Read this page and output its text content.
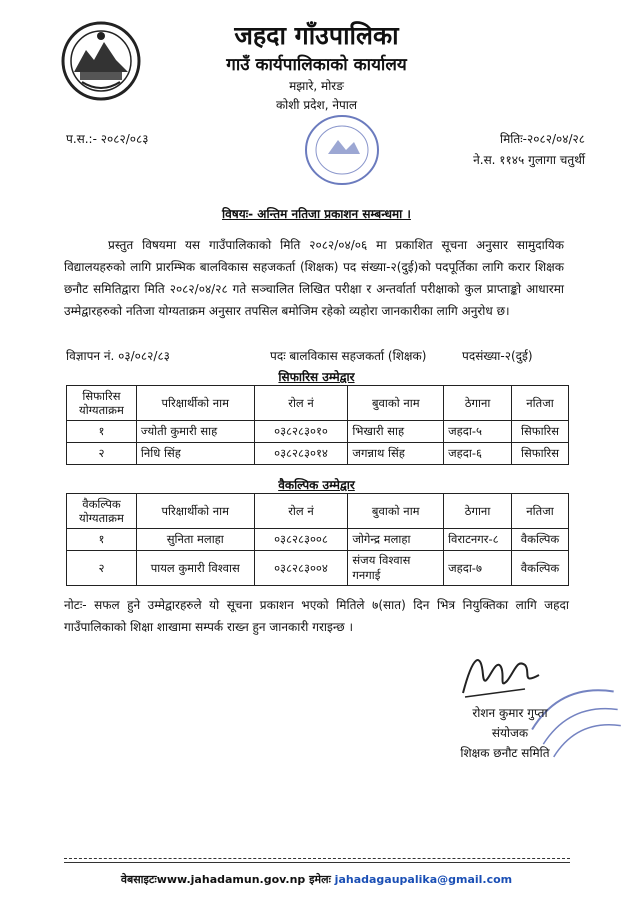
जहदा गाँउपालिका
गाउँ कार्यपालिकाको कार्यालय
मझारे, मोरङ
कोशी प्रदेश, नेपाल
प.स.:- २०८२/०८३	मितिः-२०८२/०४/२८
ने.स. ११४५ गुलागा चतुर्थी
विषयः- अन्तिम नतिजा प्रकाशन सम्बन्धमा ।
प्रस्तुत विषयमा यस गाउँपालिकाको मिति २०८२/०४/०६ मा प्रकाशित सूचना अनुसार सामुदायिक विद्यालयहरुको लागि प्रारम्भिक बालविकास सहजकर्ता (शिक्षक) पद संख्या-२(दुई)को पदपूर्तिका लागि करार शिक्षक छनौट समितिद्वारा मिति २०८२/०४/२८ गते सञ्चालित लिखित परीक्षा र अन्तर्वार्ता परीक्षाको कुल प्राप्ताङ्को आधारमा उम्मेद्वारहरुको नतिजा योग्यताक्रम अनुसार तपसिल बमोजिम रहेको व्यहोरा जानकारीका लागि अनुरोध छ।
विज्ञापन नं. ०३/०८२/८३	पदः बालविकास सहजकर्ता (शिक्षक)	पदसंख्या-२(दुई)
सिफारिस उम्मेद्वार
सिफारिस योग्यताक्रम	परिक्षार्थीको नाम	रोल नं	बुवाको नाम	ठेगाना	नतिजा
१	ज्योती कुमारी साह	०३८२८३०१०	भिखारी साह	जहदा-५	सिफारिस
२	निधि सिंह	०३८२८३०१४	जगन्नाथ सिंह	जहदा-६	सिफारिस
वैकल्पिक उम्मेद्वार
वैकल्पिक योग्यताक्रम	परिक्षार्थीको नाम	रोल नं	बुवाको नाम	ठेगाना	नतिजा
१	सुनिता मलाहा	०३८२८३००८	जोगेन्द्र मलाहा	विराटनगर-८	वैकल्पिक
२	पायल कुमारी विश्वास	०३८२८३००४	संजय विश्वास गनगाई	जहदा-७	वैकल्पिक
नोटः- सफल हुने उम्मेद्वारहरुले यो सूचना प्रकाशन भएको मितिले ७(सात) दिन भित्र नियुक्तिका लागि जहदा गाउँपालिकाको शिक्षा शाखामा सम्पर्क राख्न हुन जानकारी गराइन्छ ।
रोशन कुमार गुप्ता
संयोजक
शिक्षक छनौट समिति
वेबसाइटःwww.jahadamun.gov.np इमेलः jahadagaupalika@gmail.com
